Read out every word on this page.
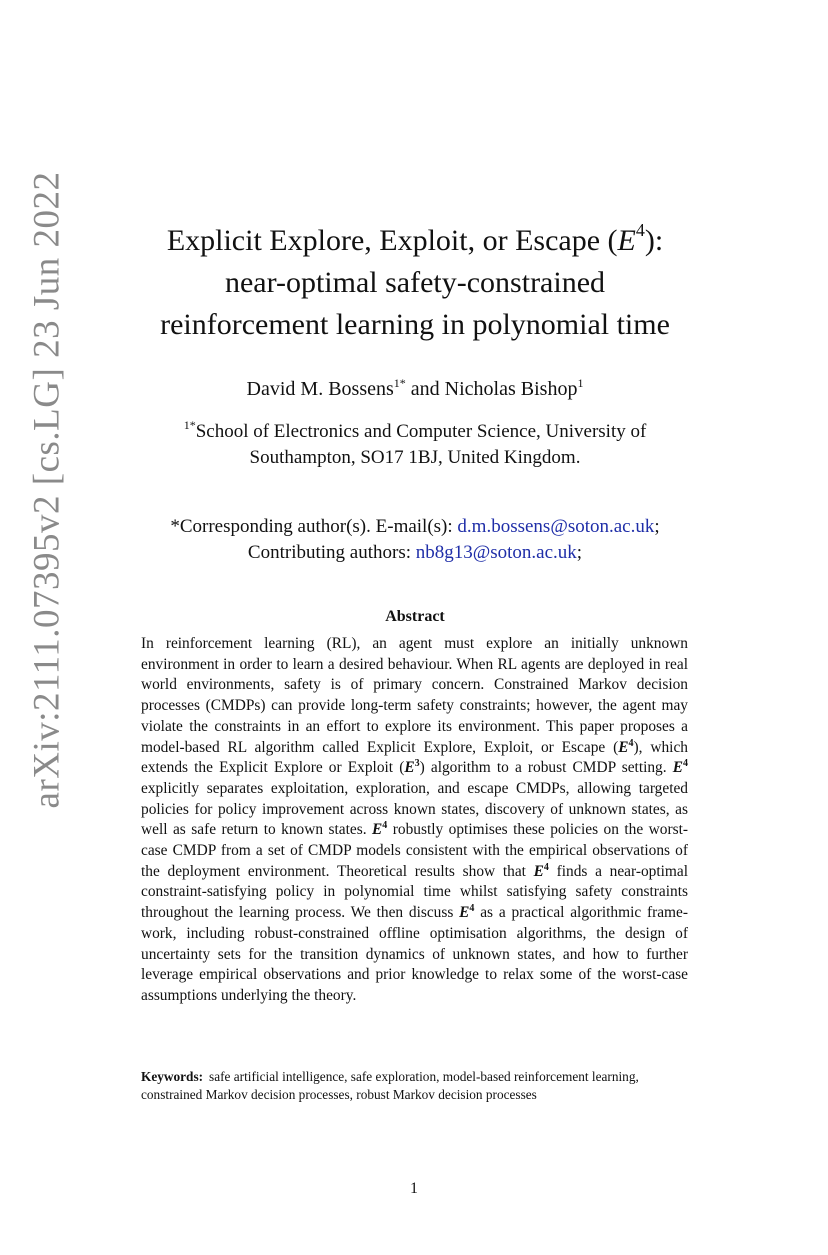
arXiv:2111.07395v2 [cs.LG] 23 Jun 2022	Explicit Explore, Exploit, or Escape $(E^4)$:
near-optimal safety-constrained
reinforcement learning in polynomial time
David M. Bossens$^{1*}$ and Nicholas Bishop$^1$
$^{1*}$School of Electronics and Computer Science, University of
Southampton, SO17 1BJ, United Kingdom.
*Corresponding author(s). E-mail(s): d.m.bossens@soton.ac.uk;
Contributing authors: nb8g13@soton.ac.uk;
Abstract
In reinforcement learning (RL), an agent must explore an initially unknown environment in order to learn a desired behaviour. When RL agents are deployed in real world environments, safety is of primary concern. Constrained Markov decision processes (CMDPs) can provide long-term safety constraints; however, the agent may violate the constraints in an effort to explore its environment. This paper proposes a model-based RL algorithm called Explicit Explore, Exploit, or Escape $(E^4)$, which extends the Explicit Explore or Exploit $(E^3)$ algorithm to a robust CMDP setting. $E^4$ explicitly separates exploitation, exploration, and escape CMDPs, allowing targeted policies for policy improvement across known states, discovery of unknown states, as well as safe return to known states. $E^4$ robustly optimises these policies on the worst-case CMDP from a set of CMDP models consistent with the empirical observations of the deployment environment. Theoretical results show that $E^4$ finds a near-optimal constraint-satisfying policy in polynomial time whilst satisfying safety constraints throughout the learning process. We then discuss $E^4$ as a practical algorithmic framework, including robust-constrained offline optimisation algorithms, the design of uncertainty sets for the transition dynamics of unknown states, and how to further leverage empirical observations and prior knowledge to relax some of the worst-case assumptions underlying the theory.
Keywords: safe artificial intelligence, safe exploration, model-based reinforcement learning, constrained Markov decision processes, robust Markov decision processes
1
